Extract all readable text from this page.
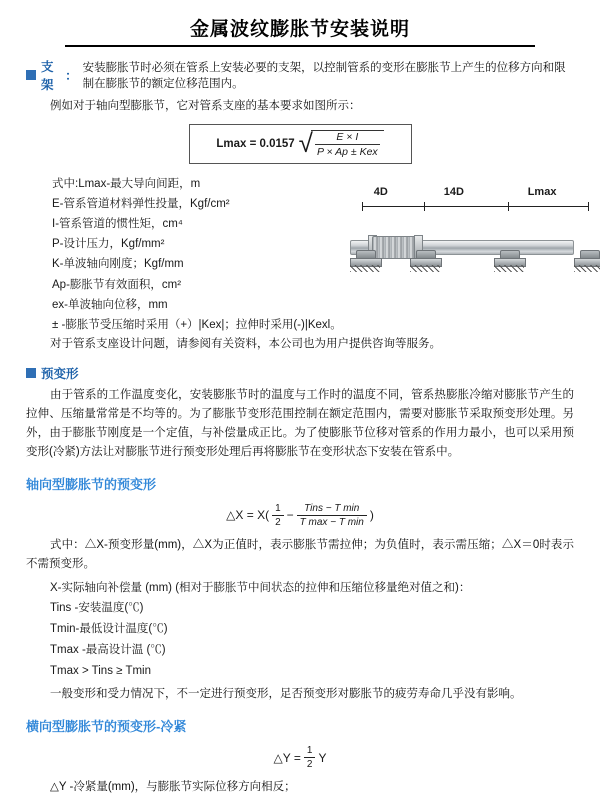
金属波纹膨胀节安装说明
支架
：
安装膨胀节时必须在管系上安装必要的支架，以控制管系的变形在膨胀节上产生的位移方向和限制在膨胀节的额定位移范围内。

例如对于轴向型膨胀节，它对管系支座的基本要求如图所示：

Lmax = 0.0157 √
$\frac{E \times I}{\text{P × Ap ± Kex}}$
式中:Lmax-最大导向间距，m
E-管系管道材料弹性投量，Kgf/cm²
I-管系管道的惯性矩，cm⁴
P-设计压力，Kgf/mm²
K-单波轴向刚度；Kgf/mm
Ap-膨胀节有效面积，cm²
ex-单波轴向位移，mm
± -膨胀节受压缩时采用（+）|Kex|；拉伸时采用(-)|Kexl。
4D	14D	Lmax

对于管系支座设计问题，请参阅有关资料，本公司也为用户提供咨询等服务。

预变形

由于管系的工作温度变化，安装膨胀节时的温度与工作时的温度不同，管系热膨胀冷缩对膨胀节产生的拉伸、压缩量常常是不均等的。为了膨胀节变形范围控制在额定范围内，需要对膨胀节采取预变形处理。另外，由于膨胀节刚度是一个定值，与补偿量成正比。为了使膨胀节位移对管系的作用力最小，也可以采用预变形(冷紧)方法让对膨胀节进行预变形处理后再将膨胀节在变形状态下安装在管系中。

轴向型膨胀节的预变形
△X = $X( \frac{1}{2} - \frac{\text{Tins − T min}}{\text{T max − T min}}$ )

式中：△X-预变形量(mm)，△X为正值时，表示膨胀节需拉伸；为负值时，表示需压缩；△X＝0时表示不需预变形。

X-实际轴向补偿量 (mm) (相对于膨胀节中间状态的拉伸和压缩位移量绝对值之和)：
Tins -安装温度(℃)
Tmin-最低设计温度(℃)
Tmax -最高设计温 (℃)
Tmax > Tins ≥ Tmin

一般变形和受力情况下，不一定进行预变形，足否预变形对膨胀节的疲劳寿命几乎没有影响。

横向型膨胀节的预变形-冷紧
△Y = $\frac{1}{2}$ Y

△Y -冷紧量(mm)，与膨胀节实际位移方向相反；
